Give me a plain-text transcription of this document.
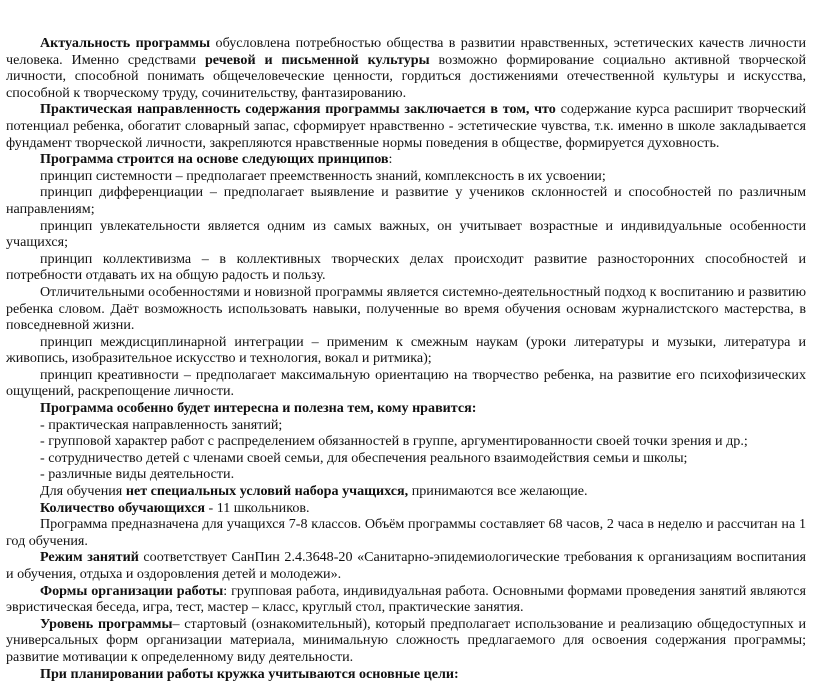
Актуальность программы обусловлена потребностью общества в развитии нравственных, эстетических качеств личности человека. Именно средствами речевой и письменной культуры возможно формирование социально активной творческой личности, способной понимать общечеловеческие ценности, гордиться достижениями отечественной культуры и искусства, способной к творческому труду, сочинительству, фантазированию.

Практическая направленность содержания программы заключается в том, что содержание курса расширит творческий потенциал ребенка, обогатит словарный запас, сформирует нравственно - эстетические чувства, т.к. именно в школе закладывается фундамент творческой личности, закрепляются нравственные нормы поведения в обществе, формируется духовность.

Программа строится на основе следующих принципов:

принцип системности – предполагает преемственность знаний, комплексность в их усвоении;

принцип дифференциации – предполагает выявление и развитие у учеников склонностей и способностей по различным направлениям;

принцип увлекательности является одним из самых важных, он учитывает возрастные и индивидуальные особенности учащихся;

принцип коллективизма – в коллективных творческих делах происходит развитие разносторонних способностей и потребности отдавать их на общую радость и пользу.

Отличительными особенностями и новизной программы является системно-деятельностный подход к воспитанию и развитию ребенка словом. Даёт возможность использовать навыки, полученные во время обучения основам журналистского мастерства, в повседневной жизни.

принцип междисциплинарной интеграции – применим к смежным наукам (уроки литературы и музыки, литература и живопись, изобразительное искусство и технология, вокал и ритмика);

принцип креативности – предполагает максимальную ориентацию на творчество ребенка, на развитие его психофизических ощущений, раскрепощение личности.

Программа особенно будет интересна и полезна тем, кому нравится:

- практическая направленность занятий;

- групповой характер работ с распределением обязанностей в группе, аргументированности своей точки зрения и др.;

- сотрудничество детей с членами своей семьи, для обеспечения реального взаимодействия семьи и школы;

- различные виды деятельности.

Для обучения нет специальных условий набора учащихся, принимаются все желающие.

Количество обучающихся - 11 школьников.

Программа предназначена для учащихся 7-8 классов. Объём программы составляет 68 часов, 2 часа в неделю и рассчитан на 1 год обучения.

Режим занятий соответствует СанПин 2.4.3648-20 «Санитарно-эпидемиологические требования к организациям воспитания и обучения, отдыха и оздоровления детей и молодежи».

Формы организации работы: групповая работа, индивидуальная работа. Основными формами проведения занятий являются эвристическая беседа, игра, тест, мастер – класс, круглый стол, практические занятия.

Уровень программы– стартовый (ознакомительный), который предполагает использование и реализацию общедоступных и универсальных форм организации материала, минимальную сложность предлагаемого для освоения содержания программы; развитие мотивации к определенному виду деятельности.

При планировании работы кружка учитываются основные цели:
